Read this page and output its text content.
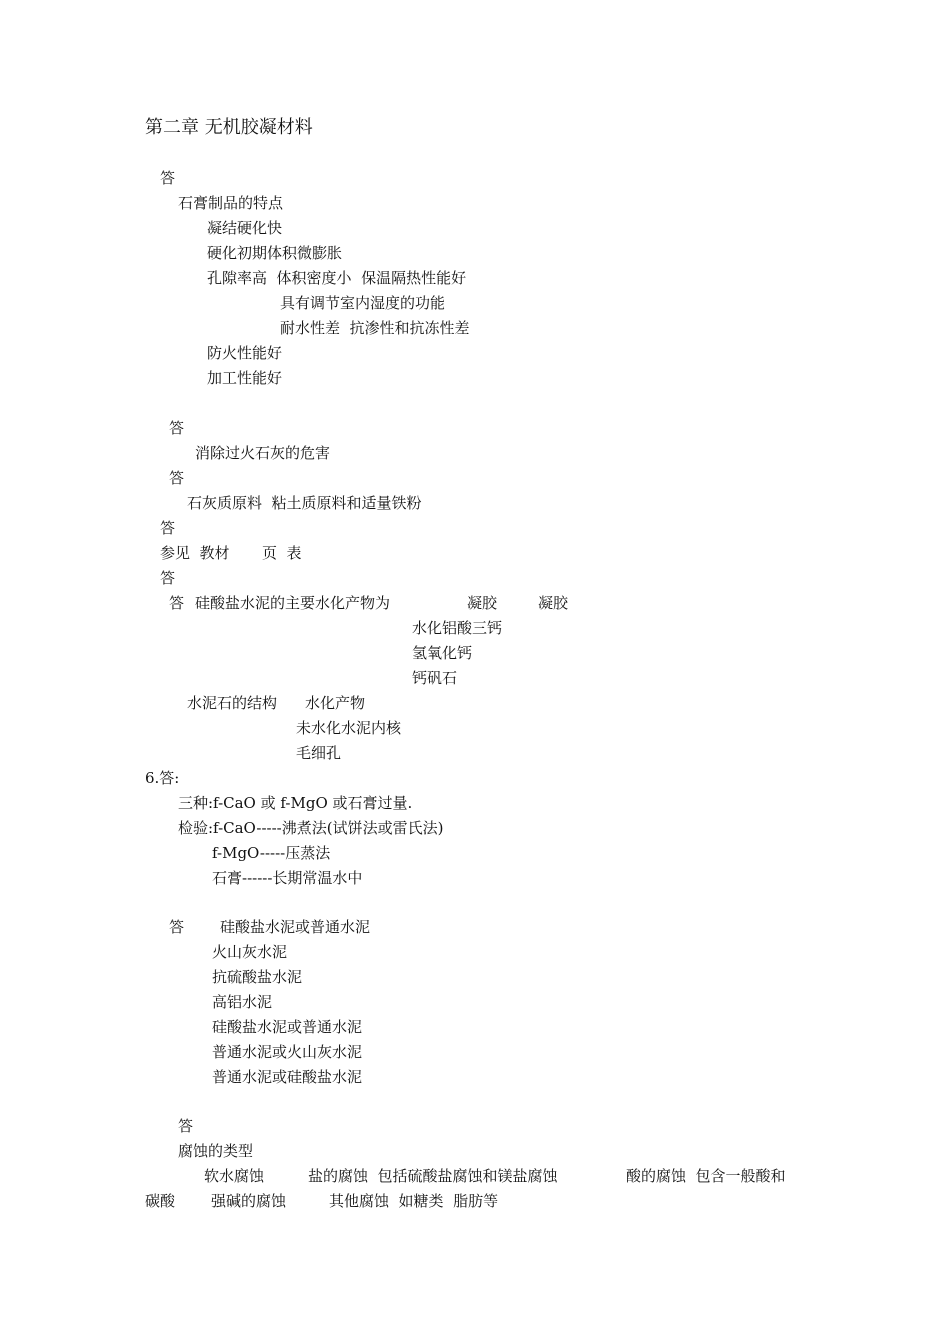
第二章 无机胶凝材料
答
石膏制品的特点
凝结硬化快
硬化初期体积微膨胀
孔隙率高  体积密度小  保温隔热性能好
具有调节室内湿度的功能
耐水性差  抗渗性和抗冻性差
防火性能好
加工性能好
答
消除过火石灰的危害
答
石灰质原料  粘土质原料和适量铁粉
答
参见  教材 页  表
答
答 硅酸盐水泥的主要水化产物为	凝胶	凝胶
水化铝酸三钙
氢氧化钙
钙矾石
水泥石的结构 水化产物
未水化水泥内核
毛细孔
6.答:
三种:f-CaO 或 f-MgO 或石膏过量.
检验:f-CaO-----沸煮法(试饼法或雷氏法)
f-MgO-----压蒸法
石膏------长期常温水中
答 硅酸盐水泥或普通水泥
火山灰水泥
抗硫酸盐水泥
高铝水泥
硅酸盐水泥或普通水泥
普通水泥或火山灰水泥
普通水泥或硅酸盐水泥
答
腐蚀的类型
软水腐蚀	盐的腐蚀  包括硫酸盐腐蚀和镁盐腐蚀	酸的腐蚀  包含一般酸和
碳酸 强碱的腐蚀	其他腐蚀  如糖类  脂肪等
